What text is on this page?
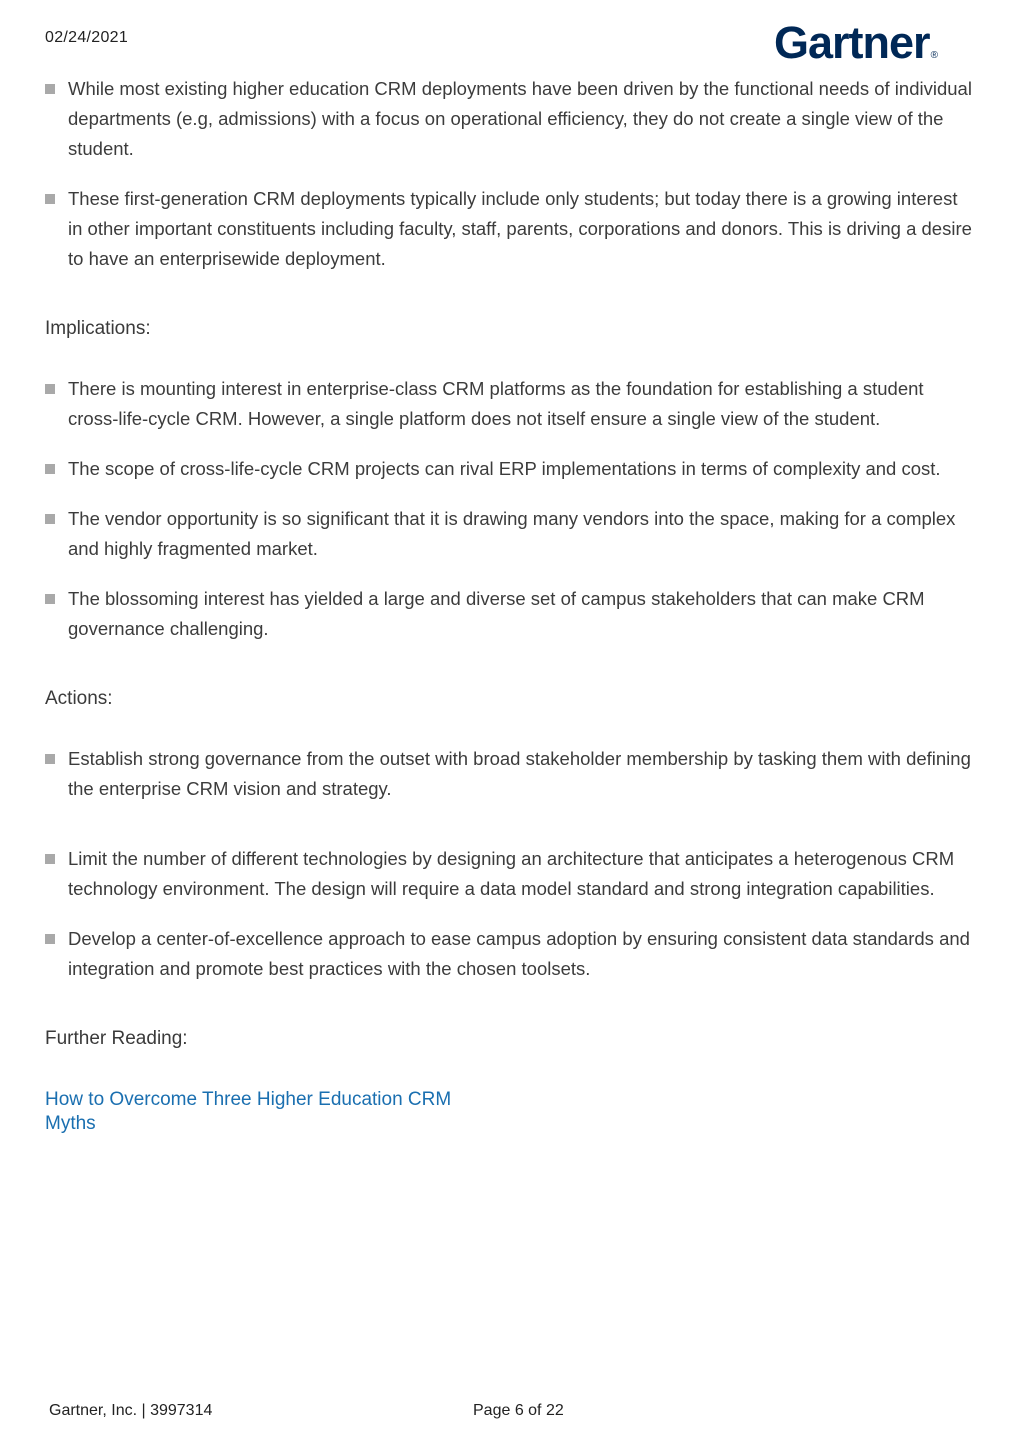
02/24/2021	Gartner®
While most existing higher education CRM deployments have been driven by the functional needs of individual departments (e.g, admissions) with a focus on operational efficiency, they do not create a single view of the student.
These first-generation CRM deployments typically include only students; but today there is a growing interest in other important constituents including faculty, staff, parents, corporations and donors. This is driving a desire to have an enterprisewide deployment.
Implications:
There is mounting interest in enterprise-class CRM platforms as the foundation for establishing a student cross-life-cycle CRM. However, a single platform does not itself ensure a single view of the student.
The scope of cross-life-cycle CRM projects can rival ERP implementations in terms of complexity and cost.
The vendor opportunity is so significant that it is drawing many vendors into the space, making for a complex and highly fragmented market.
The blossoming interest has yielded a large and diverse set of campus stakeholders that can make CRM governance challenging.
Actions:
Establish strong governance from the outset with broad stakeholder membership by tasking them with defining the enterprise CRM vision and strategy.
Limit the number of different technologies by designing an architecture that anticipates a heterogenous CRM technology environment. The design will require a data model standard and strong integration capabilities.
Develop a center-of-excellence approach to ease campus adoption by ensuring consistent data standards and integration and promote best practices with the chosen toolsets.
Further Reading:
How to Overcome Three Higher Education CRM Myths
Gartner, Inc. | 3997314	Page 6 of 22
